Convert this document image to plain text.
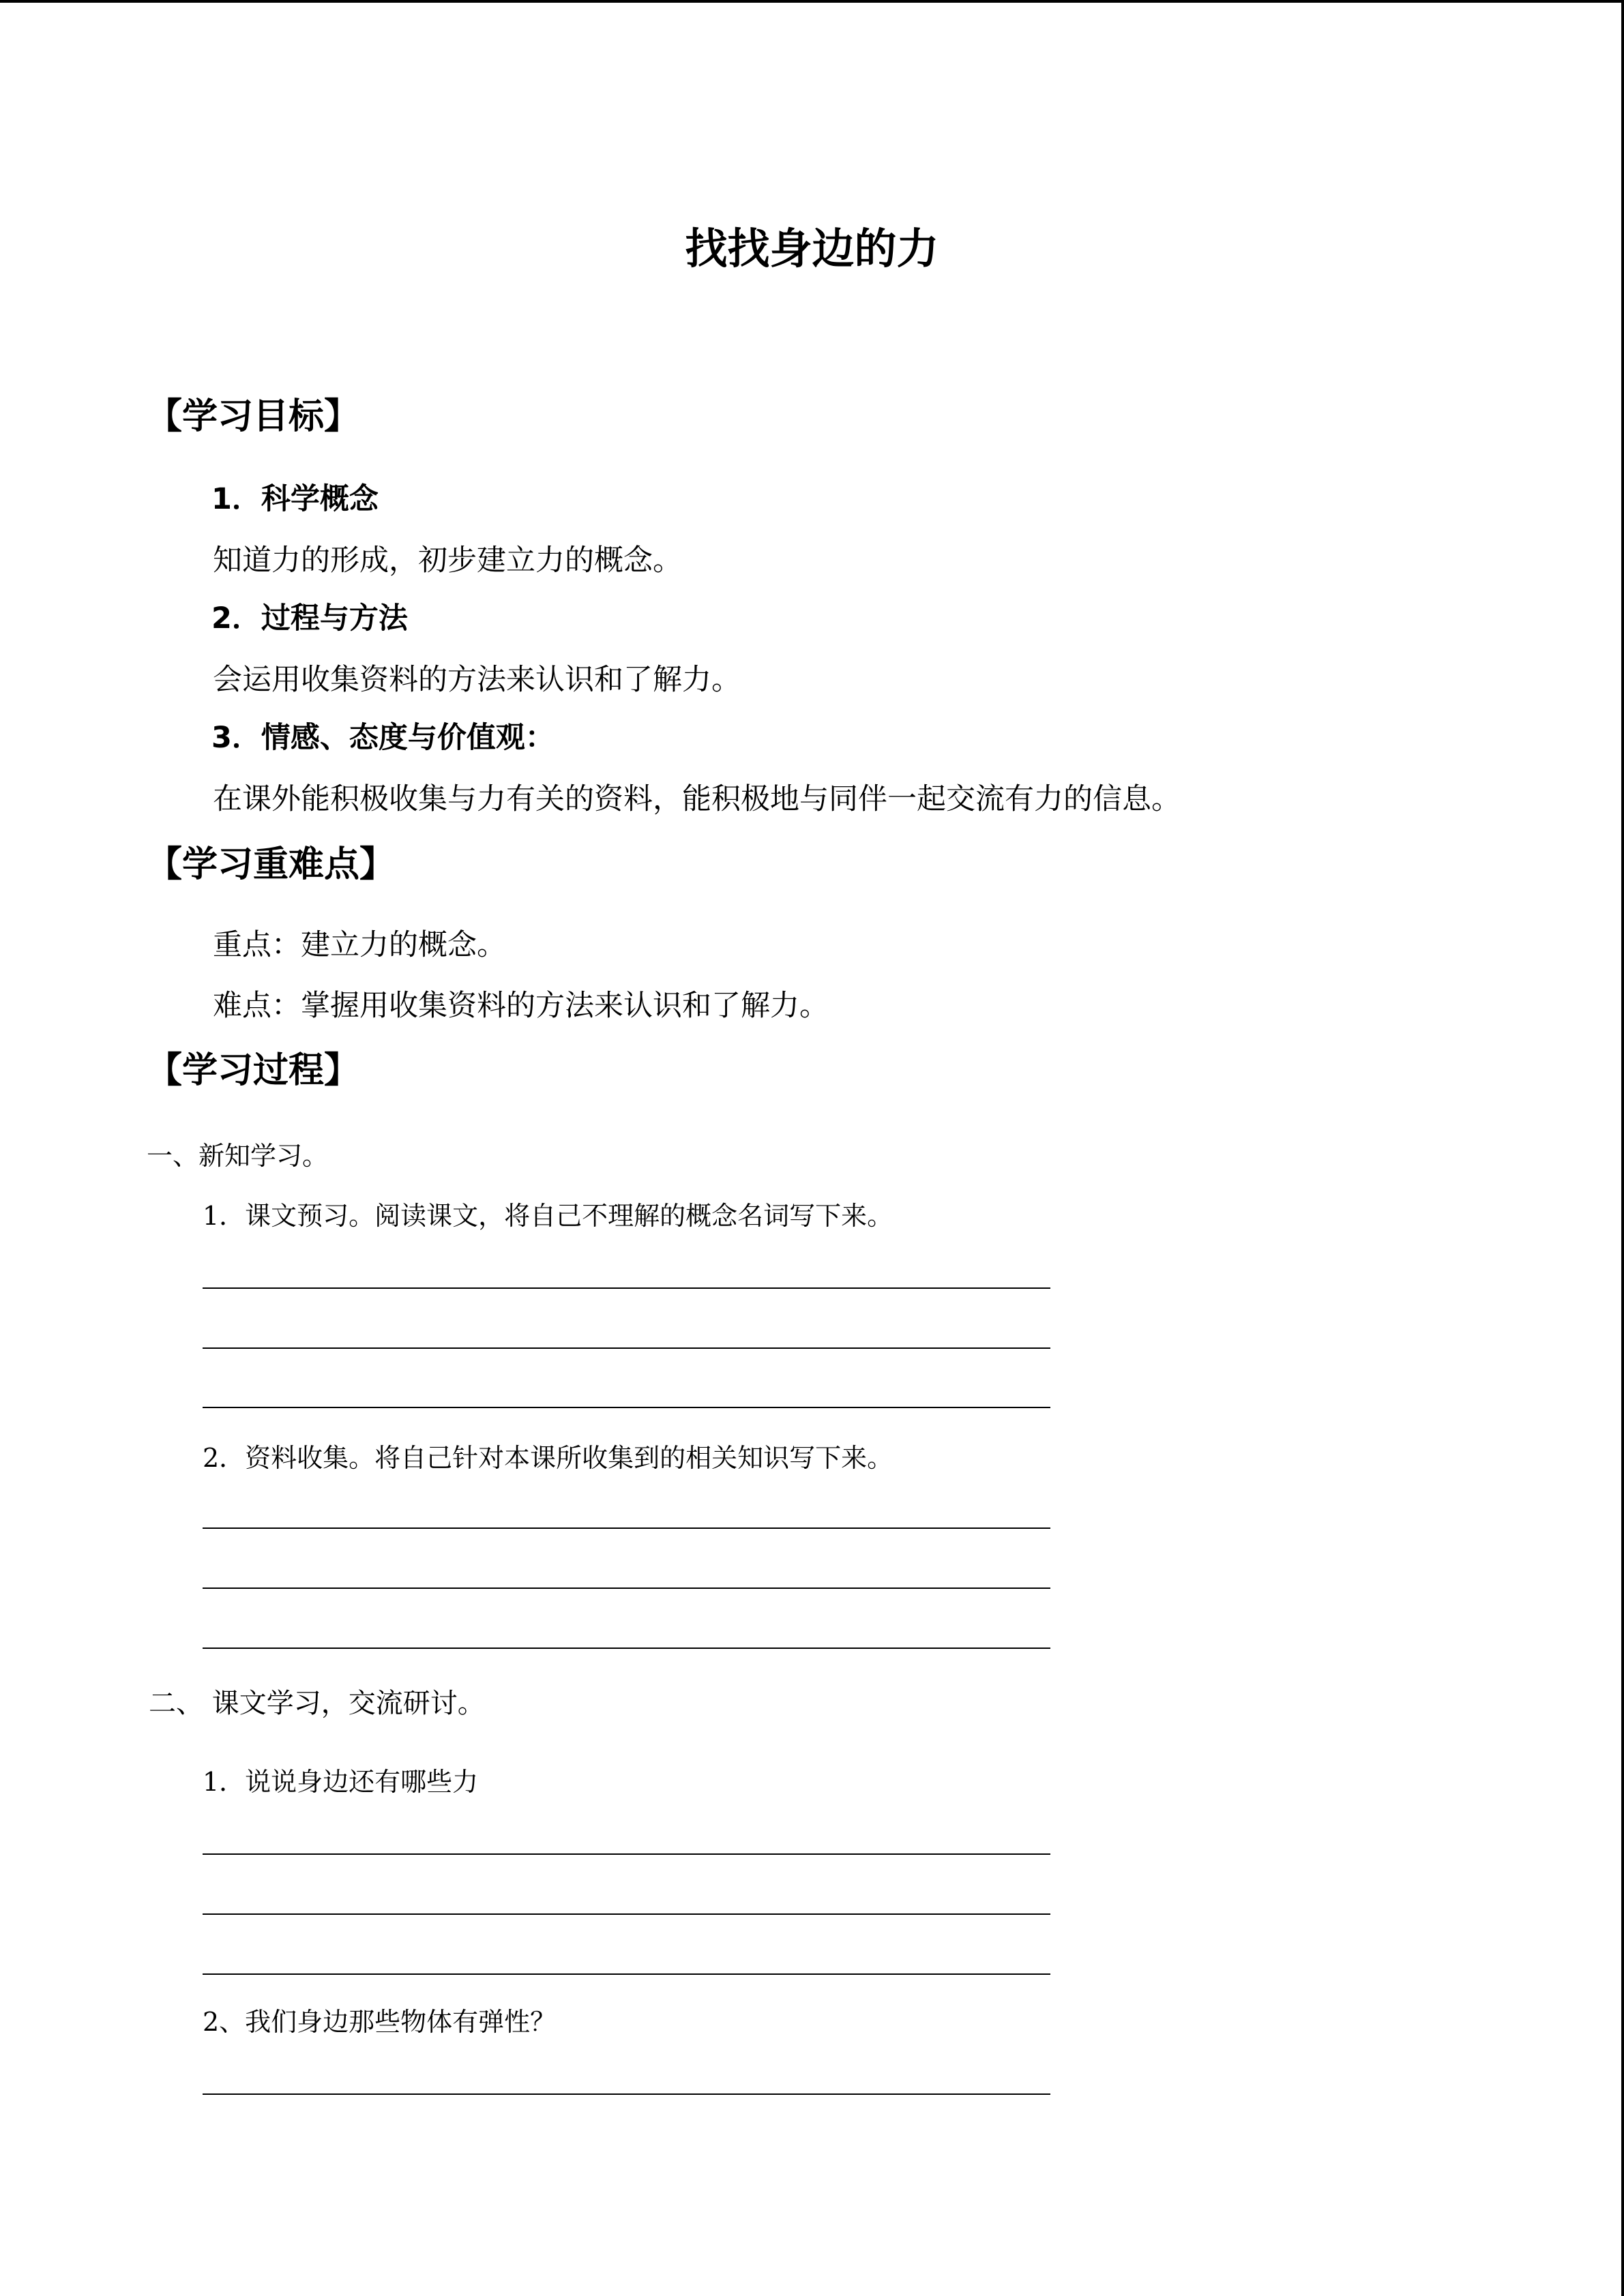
找找身边的力
【学习目标】
1．科学概念
知道力的形成，初步建立力的概念。
2．过程与方法
会运用收集资料的方法来认识和了解力。
3．情感、态度与价值观：
在课外能积极收集与力有关的资料，能积极地与同伴一起交流有力的信息。
【学习重难点】
重点：建立力的概念。
难点：掌握用收集资料的方法来认识和了解力。
【学习过程】
一、新知学习。
1．课文预习。阅读课文，将自己不理解的概念名词写下来。
2．资料收集。将自己针对本课所收集到的相关知识写下来。
二、 课文学习，交流研讨。
1．说说身边还有哪些力
2、我们身边那些物体有弹性？
